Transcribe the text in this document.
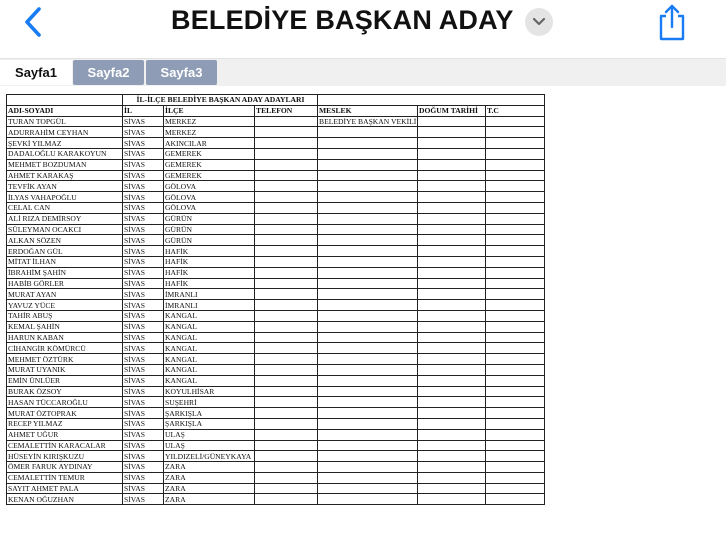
BELEDİYE BAŞKAN ADAY
Sayfa1	Sayfa2	Sayfa3
	İL-İLÇE BELEDİYE BAŞKAN ADAY ADAYLARI					
ADI-SOYADI	İL	İLÇE	TELEFON	MESLEK	DOĞUM TARİHİ	T.C
TURAN TOPGÜL	SİVAS	MERKEZ		BELEDİYE BAŞKAN VEKİLİ		
ADURRAHİM CEYHAN	SİVAS	MERKEZ				
ŞEVKİ YILMAZ	SİVAS	AKINCILAR				
DADALOĞLU KARAKOYUN	SİVAS	GEMEREK				
MEHMET BOZDUMAN	SİVAS	GEMEREK				
AHMET KARAKAŞ	SİVAS	GEMEREK				
TEVFİK AYAN	SİVAS	GÖLOVA				
İLYAS VAHAPOĞLU	SİVAS	GÖLOVA				
CELAL CAN	SİVAS	GÖLOVA				
ALİ RIZA DEMİRSOY	SİVAS	GÜRÜN				
SÜLEYMAN OCAKCI	SİVAS	GÜRÜN				
ALKAN SÖZEN	SİVAS	GÜRÜN				
ERDOĞAN GÜL	SİVAS	HAFİK				
MİTAT İLHAN	SİVAS	HAFİK				
İBRAHİM ŞAHİN	SİVAS	HAFİK				
HABİB GÖRLER	SİVAS	HAFİK				
MURAT AYAN	SİVAS	İMRANLI				
YAVUZ YÜCE	SİVAS	İMRANLI				
TAHİR ABUŞ	SİVAS	KANGAL				
KEMAL ŞAHİN	SİVAS	KANGAL				
HARUN KABAN	SİVAS	KANGAL				
CİHANGİR KÖMÜRCÜ	SİVAS	KANGAL				
MEHMET ÖZTÜRK	SİVAS	KANGAL				
MURAT UYANIK	SİVAS	KANGAL				
EMİN ÜNLÜER	SİVAS	KANGAL				
BURAK ÖZSOY	SİVAS	KOYULHİSAR				
HASAN TÜCCAROĞLU	SİVAS	SUŞEHRİ				
MURAT ÖZTOPRAK	SİVAS	ŞARKIŞLA				
RECEP YILMAZ	SİVAS	ŞARKIŞLA				
AHMET UĞUR	SİVAS	ULAŞ				
CEMALETTİN KARACALAR	SİVAS	ULAŞ				
HÜSEYİN KIRIŞKUZU	SİVAS	YILDIZELİ/GÜNEYKAYA				
ÖMER FARUK AYDINAY	SİVAS	ZARA				
CEMALETTİN TEMUR	SİVAS	ZARA				
SAYIT AHMET PALA	SİVAS	ZARA				
KENAN OĞUZHAN	SİVAS	ZARA				
